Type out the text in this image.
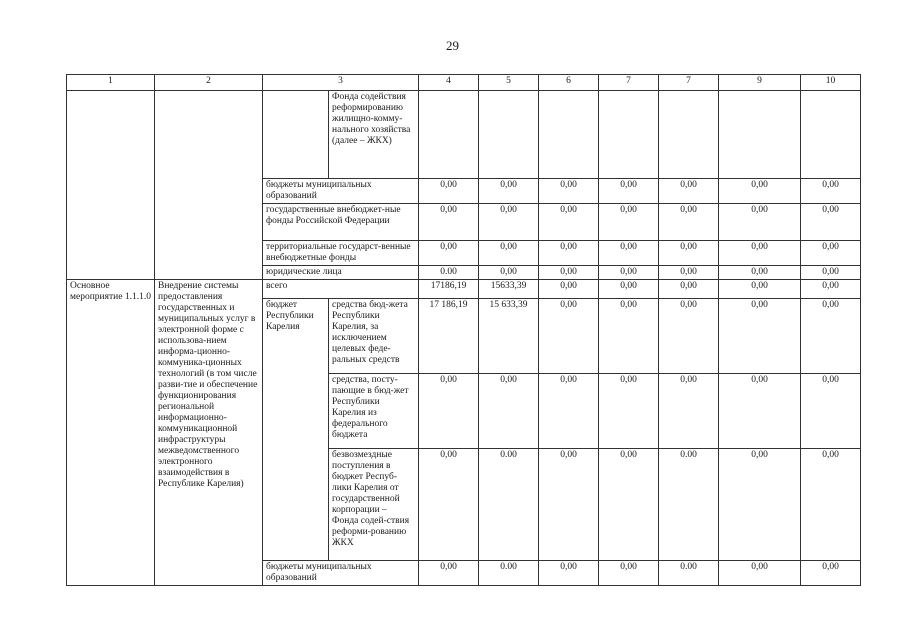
29
1	2	3		4	5	6	7	7	9	10
			Фонда содействия реформированию жилищно-комму-нального хозяйства (далее – ЖКХ)							
		бюджеты муниципальных образований		0,00	0,00	0,00	0,00	0,00	0,00	0,00
		государственные внебюджет-ные фонды Российской Федерации		0,00	0,00	0,00	0,00	0,00	0,00	0,00
		территориальные государст-венные внебюджетные фонды		0,00	0,00	0,00	0,00	0,00	0,00	0,00
		юридические лица		0.00	0,00	0,00	0,00	0,00	0,00	0,00
Основное мероприятие 1.1.1.0	Внедрение системы предоставления государственных и муниципальных услуг в электронной форме с использова-нием информа-ционно-коммуника-ционных технологий (в том числе разви-тие и обеспечение функционирования региональной информационно-коммуникационной инфраструктуры межведомственного электронного взаимодействия в Республике Карелия)	всего		17186,19	15633,39	0,00	0,00	0,00	0,00	0,00
		бюджет Республики Карелия	средства бюд-жета Республики Карелия, за исключением целевых феде-ральных средств	17 186,19	15 633,39	0,00	0,00	0,00	0,00	0,00
			средства, посту-пающие в бюд-жет Республики Карелия из федерального бюджета	0,00	0,00	0,00	0,00	0,00	0,00	0,00
			безвозмездные поступления в бюджет Респуб-лики Карелия от государственной корпорации – Фонда содей-ствия реформи-рованию ЖКХ	0,00	0.00	0,00	0,00	0.00	0,00	0,00
		бюджеты муниципальных образований		0,00	0.00	0,00	0,00	0.00	0,00	0,00
